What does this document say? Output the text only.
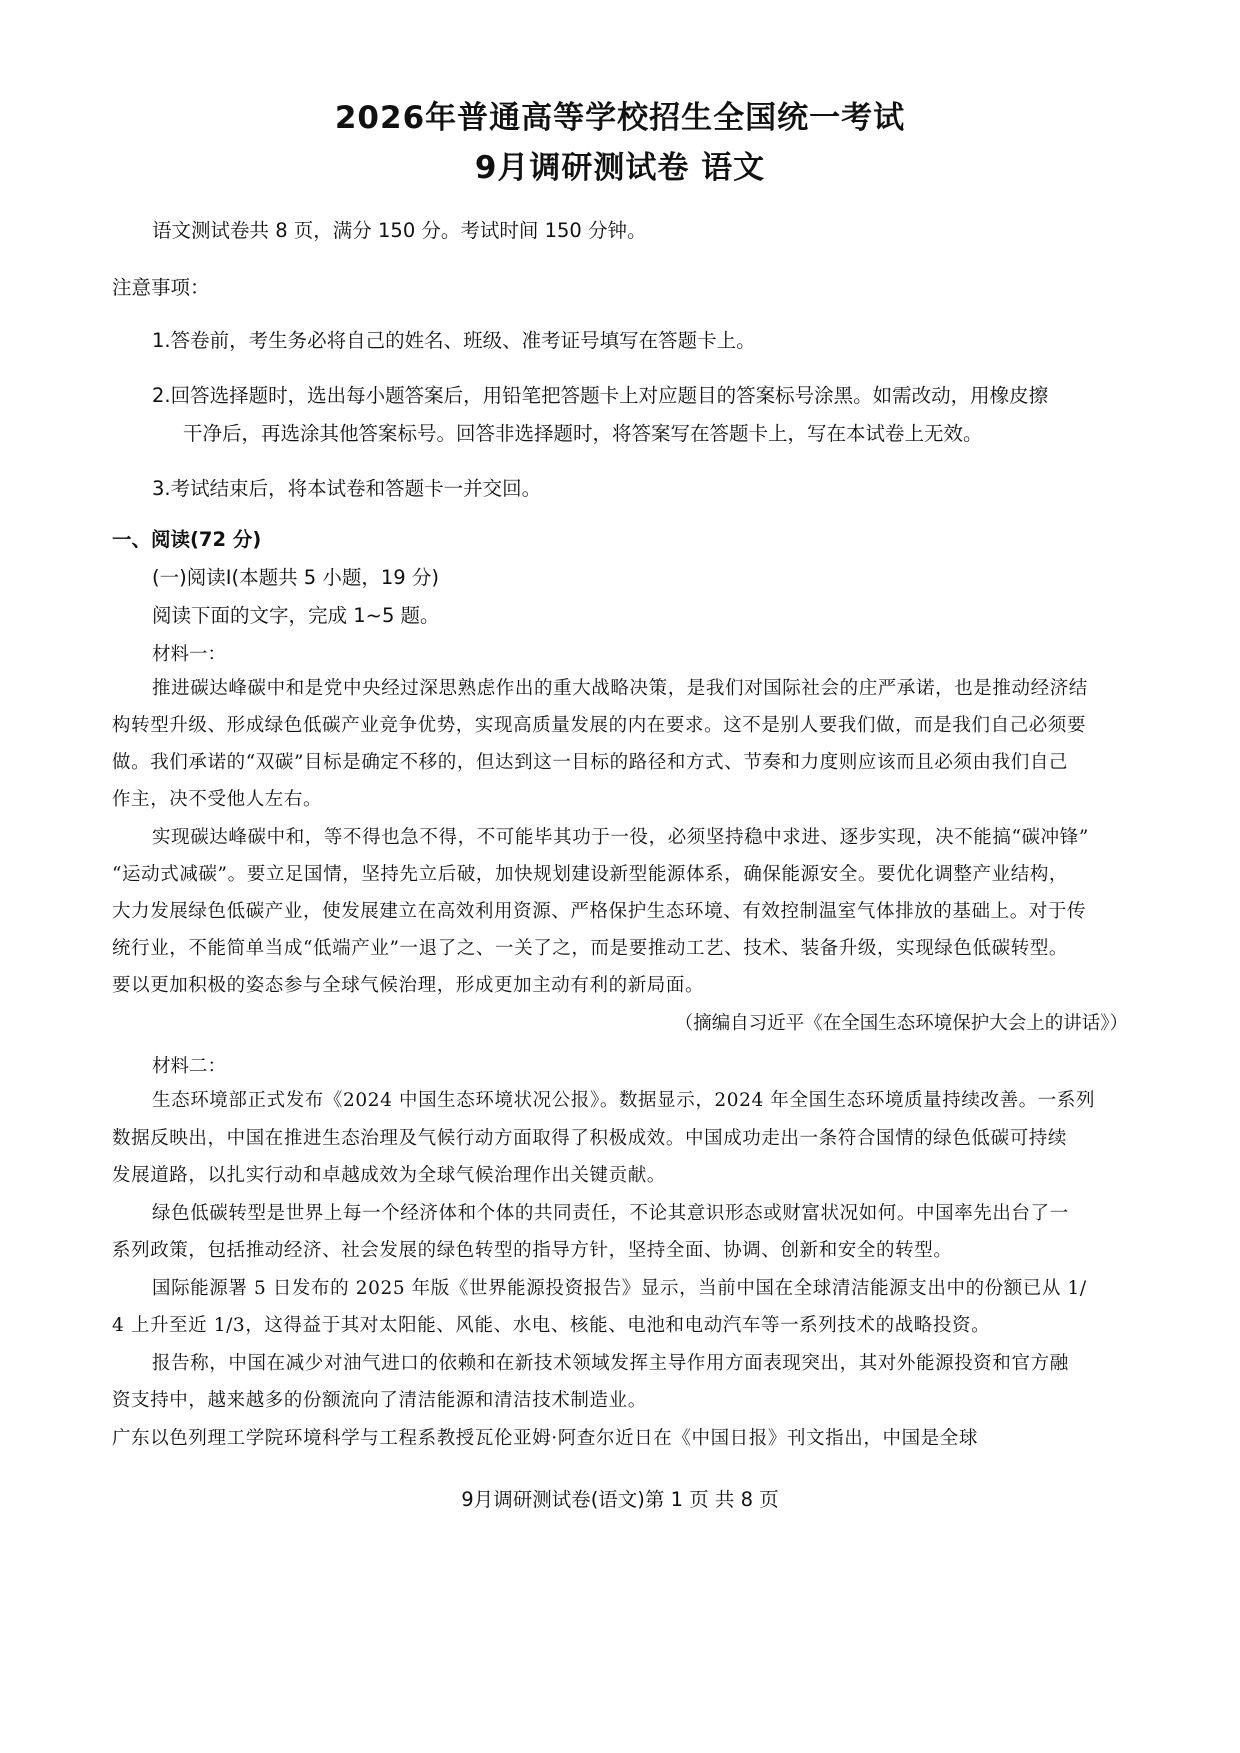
2026年普通高等学校招生全国统一考试
9月调研测试卷 语文
语文测试卷共 8 页，满分 150 分。考试时间 150 分钟。
注意事项：
1.答卷前，考生务必将自己的姓名、班级、准考证号填写在答题卡上。
2.回答选择题时，选出每小题答案后，用铅笔把答题卡上对应题目的答案标号涂黑。如需改动，用橡皮擦
干净后，再选涂其他答案标号。回答非选择题时，将答案写在答题卡上，写在本试卷上无效。
3.考试结束后，将本试卷和答题卡一并交回。
一、阅读(72 分)
(一)阅读Ⅰ(本题共 5 小题，19 分)
阅读下面的文字，完成 1~5 题。
材料一：
推进碳达峰碳中和是党中央经过深思熟虑作出的重大战略决策，是我们对国际社会的庄严承诺，也是推动经济结
构转型升级、形成绿色低碳产业竞争优势，实现高质量发展的内在要求。这不是别人要我们做，而是我们自己必须要
做。我们承诺的“双碳”目标是确定不移的，但达到这一目标的路径和方式、节奏和力度则应该而且必须由我们自己
作主，决不受他人左右。
实现碳达峰碳中和，等不得也急不得，不可能毕其功于一役，必须坚持稳中求进、逐步实现，决不能搞“碳冲锋”
“运动式减碳”。要立足国情，坚持先立后破，加快规划建设新型能源体系，确保能源安全。要优化调整产业结构，
大力发展绿色低碳产业，使发展建立在高效利用资源、严格保护生态环境、有效控制温室气体排放的基础上。对于传
统行业，不能简单当成“低端产业”一退了之、一关了之，而是要推动工艺、技术、装备升级，实现绿色低碳转型。
要以更加积极的姿态参与全球气候治理，形成更加主动有利的新局面。
（摘编自习近平《在全国生态环境保护大会上的讲话》）
材料二：
生态环境部正式发布《2024 中国生态环境状况公报》。数据显示，2024 年全国生态环境质量持续改善。一系列
数据反映出，中国在推进生态治理及气候行动方面取得了积极成效。中国成功走出一条符合国情的绿色低碳可持续
发展道路，以扎实行动和卓越成效为全球气候治理作出关键贡献。
绿色低碳转型是世界上每一个经济体和个体的共同责任，不论其意识形态或财富状况如何。中国率先出台了一
系列政策，包括推动经济、社会发展的绿色转型的指导方针，坚持全面、协调、创新和安全的转型。
国际能源署 5 日发布的 2025 年版《世界能源投资报告》显示，当前中国在全球清洁能源支出中的份额已从 1/
4 上升至近 1/3，这得益于其对太阳能、风能、水电、核能、电池和电动汽车等一系列技术的战略投资。
报告称，中国在减少对油气进口的依赖和在新技术领域发挥主导作用方面表现突出，其对外能源投资和官方融
资支持中，越来越多的份额流向了清洁能源和清洁技术制造业。
广东以色列理工学院环境科学与工程系教授瓦伦亚姆·阿查尔近日在《中国日报》刊文指出，中国是全球
9月调研测试卷(语文)第 1 页 共 8 页
